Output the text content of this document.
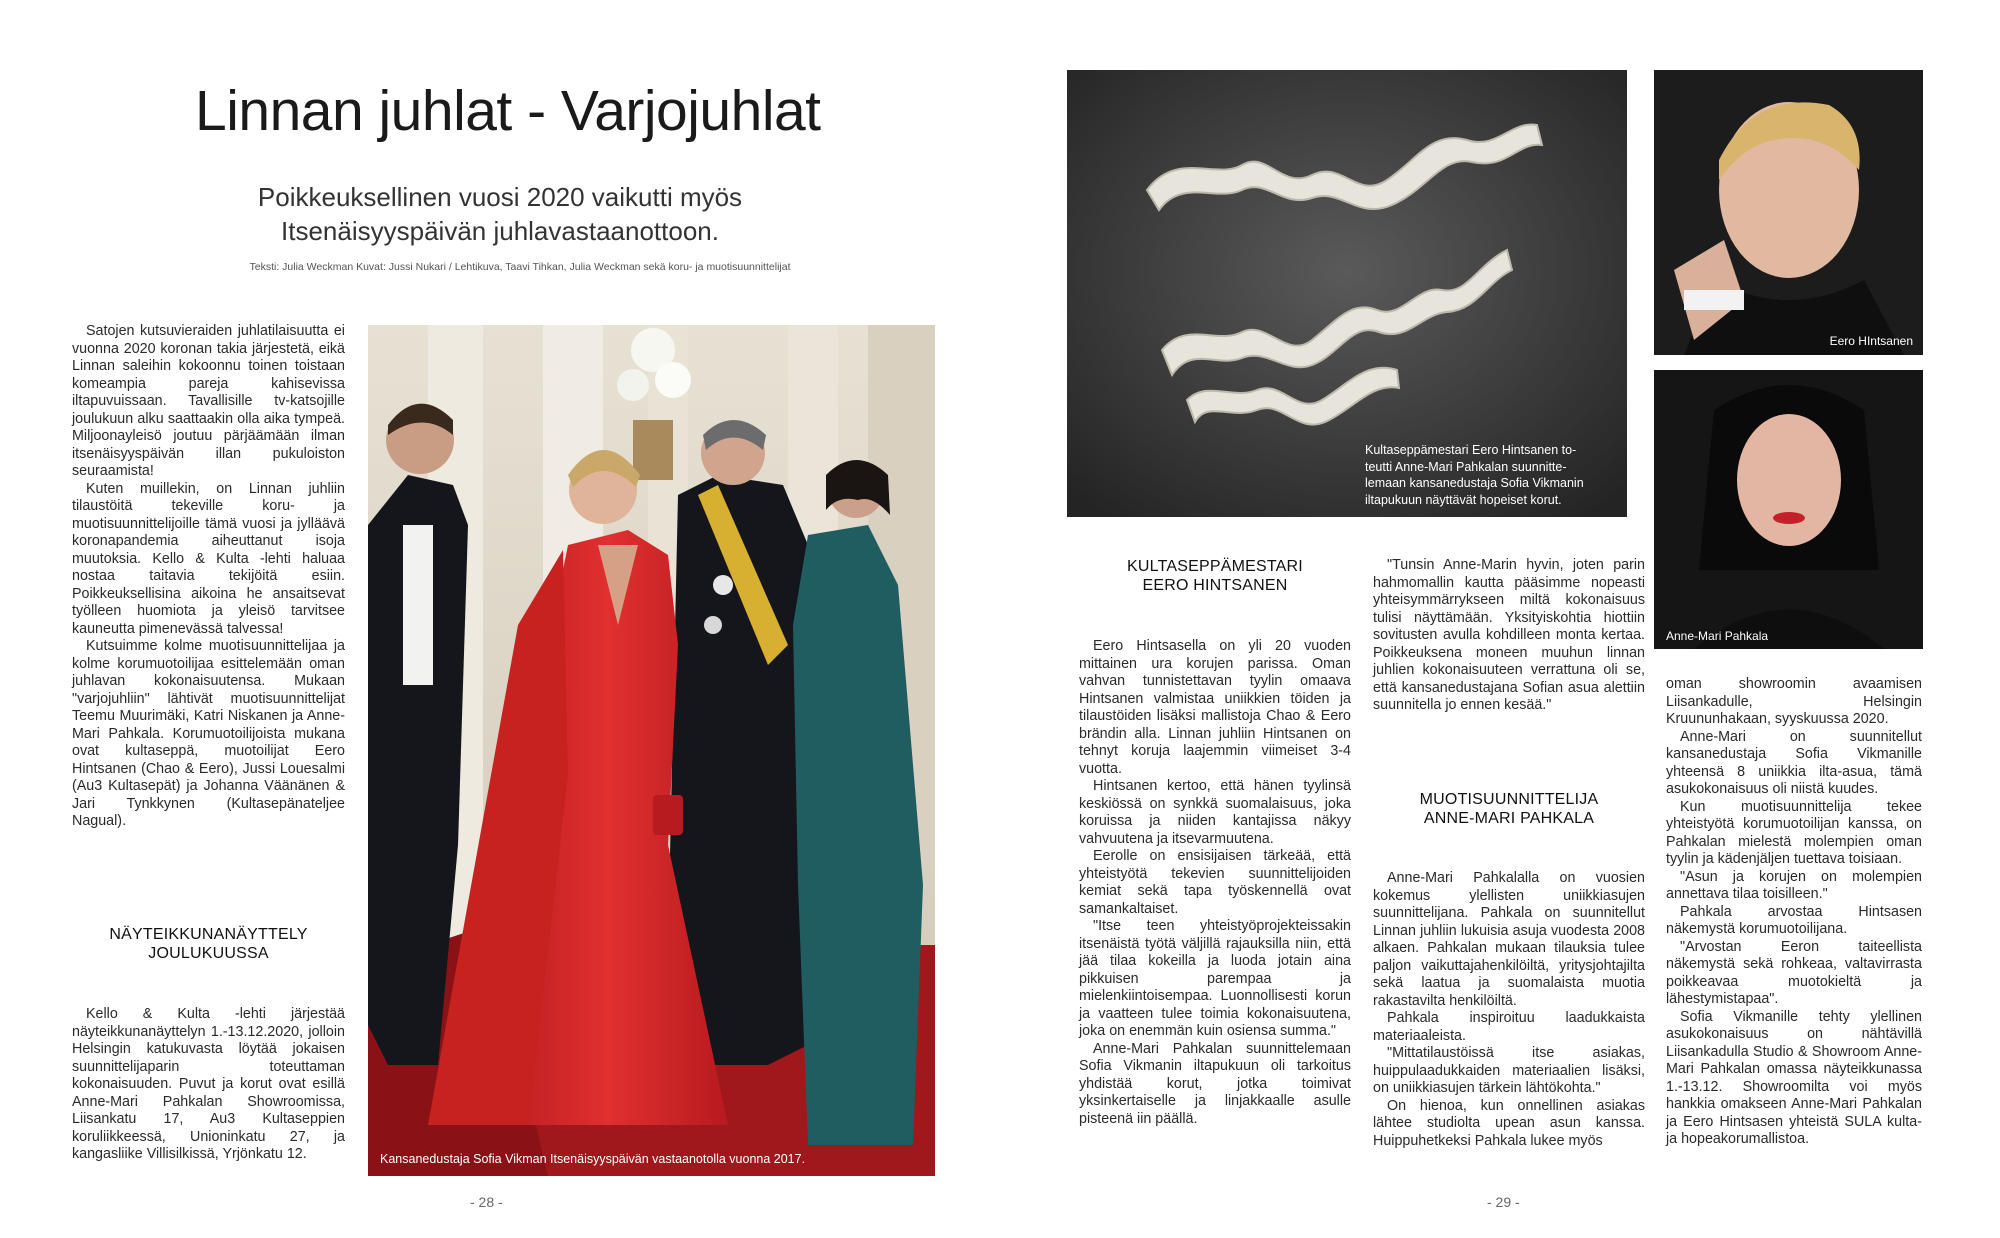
Linnan juhlat - Varjojuhlat
Poikkeuksellinen vuosi 2020 vaikutti myös
Itsenäisyyspäivän juhlavastaanottoon.
Teksti: Julia Weckman Kuvat: Jussi Nukari / Lehtikuva, Taavi Tihkan, Julia Weckman sekä koru- ja muotisuunnittelijat

Satojen kutsuvieraiden juhlatilaisuutta ei vuonna 2020 koronan takia järjestetä, eikä Linnan saleihin kokoonnu toinen toistaan komeampia pareja kahisevissa iltapuvuissaan. Tavallisille tv-katsojille joulukuun alku saattaakin olla aika tympeä. Miljoonayleisö joutuu pärjäämään ilman itsenäisyyspäivän illan pukuloiston seuraamista!

Kuten muillekin, on Linnan juhliin tilaustöitä tekeville koru- ja muotisuunnittelijoille tämä vuosi ja jylläävä koronapandemia aiheuttanut isoja muutoksia. Kello & Kulta -lehti haluaa nostaa taitavia tekijöitä esiin. Poikkeuksellisina aikoina he ansaitsevat työlleen huomiota ja yleisö tarvitsee kauneutta pimenevässä talvessa!

Kutsuimme kolme muotisuunnittelijaa ja kolme korumuotoilijaa esittelemään oman juhlavan kokonaisuutensa. Mukaan "varjojuhliin" lähtivät muotisuunnittelijat Teemu Muurimäki, Katri Niskanen ja Anne-Mari Pahkala. Korumuotoilijoista mukana ovat kultaseppä, muotoilijat Eero Hintsanen (Chao & Eero), Jussi Louesalmi (Au3 Kultasepät) ja Johanna Väänänen & Jari Tynkkynen (Kultasepänateljee Nagual).

NÄYTEIKKUNANÄYTTELY
JOULUKUUSSA

Kello & Kulta -lehti järjestää näyteikkunanäyttelyn 1.-13.12.2020, jolloin Helsingin katukuvasta löytää jokaisen suunnittelijaparin toteuttaman kokonaisuuden. Puvut ja korut ovat esillä Anne-Mari Pahkalan Showroomissa, Liisankatu 17, Au3 Kultaseppien koruliikkeessä, Unioninkatu 27, ja kangasliike Villisilkissä, Yrjönkatu 12.	Kansanedustaja Sofia Vikman Itsenäisyyspäivän vastaanotolla vuonna 2017.
- 28 -
Kultaseppämestari Eero Hintsanen to-
teutti Anne-Mari Pahkalan suunnitte-
lemaan kansanedustaja Sofia Vikmanin
iltapukuun näyttävät hopeiset korut.
Eero HIntsanen
Anne-Mari Pahkala
KULTASEPPÄMESTARI
EERO HINTSANEN

Eero Hintsasella on yli 20 vuoden mittainen ura korujen parissa. Oman vahvan tunnistettavan tyylin omaava Hintsanen valmistaa uniikkien töiden ja tilaustöiden lisäksi mallistoja Chao & Eero brändin alla. Linnan juhliin Hintsanen on tehnyt koruja laajemmin viimeiset 3-4 vuotta.

Hintsanen kertoo, että hänen tyylinsä keskiössä on synkkä suomalaisuus, joka koruissa ja niiden kantajissa näkyy vahvuutena ja itsevarmuutena.

Eerolle on ensisijaisen tärkeää, että yhteistyötä tekevien suunnittelijoiden kemiat sekä tapa työskennellä ovat samankaltaiset.

"Itse teen yhteistyöprojekteissakin itsenäistä työtä väljillä rajauksilla niin, että jää tilaa kokeilla ja luoda jotain aina pikkuisen parempaa ja mielenkiintoisempaa. Luonnollisesti korun ja vaatteen tulee toimia kokonaisuutena, joka on enemmän kuin osiensa summa."

Anne-Mari Pahkalan suunnittelemaan Sofia Vikmanin iltapukuun oli tarkoitus yhdistää korut, jotka toimivat yksinkertaiselle ja linjakkaalle asulle pisteenä iin päällä.

"Tunsin Anne-Marin hyvin, joten parin hahmomallin kautta pääsimme nopeasti yhteisymmärrykseen miltä kokonaisuus tulisi näyttämään. Yksityiskohtia hiottiin sovitusten avulla kohdilleen monta kertaa. Poikkeuksena moneen muuhun linnan juhlien kokonaisuuteen verrattuna oli se, että kansanedustajana Sofian asua alettiin suunnitella jo ennen kesää."

MUOTISUUNNITTELIJA
ANNE-MARI PAHKALA

Anne-Mari Pahkalalla on vuosien kokemus ylellisten uniikkiasujen suunnittelijana. Pahkala on suunnitellut Linnan juhliin lukuisia asuja vuodesta 2008 alkaen. Pahkalan mukaan tilauksia tulee paljon vaikuttajahenkilöiltä, yritysjohtajilta sekä laatua ja suomalaista muotia rakastavilta henkilöiltä.

Pahkala inspiroituu laadukkaista materiaaleista.

"Mittatilaustöissä itse asiakas, huippulaadukkaiden materiaalien lisäksi, on uniikkiasujen tärkein lähtökohta."

On hienoa, kun onnellinen asiakas lähtee studiolta upean asun kanssa. Huippuhetkeksi Pahkala lukee myös

oman showroomin avaamisen Liisankadulle, Helsingin Kruununhakaan, syyskuussa 2020.

Anne-Mari on suunnitellut kansanedustaja Sofia Vikmanille yhteensä 8 uniikkia ilta-asua, tämä asukokonaisuus oli niistä kuudes.

Kun muotisuunnittelija tekee yhteistyötä korumuotoilijan kanssa, on Pahkalan mielestä molempien oman tyylin ja kädenjäljen tuettava toisiaan.

"Asun ja korujen on molempien annettava tilaa toisilleen."

Pahkala arvostaa Hintsasen näkemystä korumuotoilijana.

"Arvostan Eeron taiteellista näkemystä sekä rohkeaa, valtavirrasta poikkeavaa muotokieltä ja lähestymistapaa".

Sofia Vikmanille tehty ylellinen asukokonaisuus on nähtävillä Liisankadulla Studio & Showroom Anne-Mari Pahkalan omassa näyteikkunassa 1.-13.12. Showroomilta voi myös hankkia omakseen Anne-Mari Pahkalan ja Eero Hintsasen yhteistä SULA kulta- ja hopeakorumallistoa.

- 29 -
